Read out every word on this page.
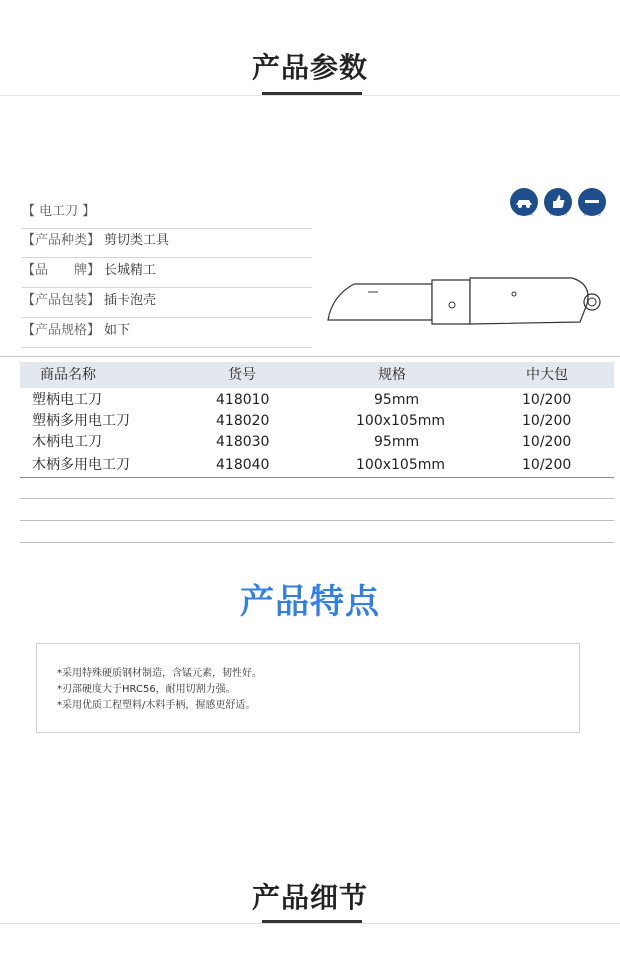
产品参数
【 电工刀 】
【产品种类】 剪切类工具
【品　　牌】 长城精工
【产品包装】 插卡泡壳
【产品规格】 如下
专业级	优质钢	强剪切
商品名称	货号	规格	中大包
塑柄电工刀	418010	95mm	10/200
塑柄多用电工刀	418020	100x105mm	10/200
木柄电工刀	418030	95mm	10/200
木柄多用电工刀	418040	100x105mm	10/200
产品特点
*采用特殊硬质钢材制造，含锰元素，韧性好。
*刃部硬度大于HRC56，耐用切割力强。
*采用优质工程塑料/木料手柄，握感更舒适。
产品细节
